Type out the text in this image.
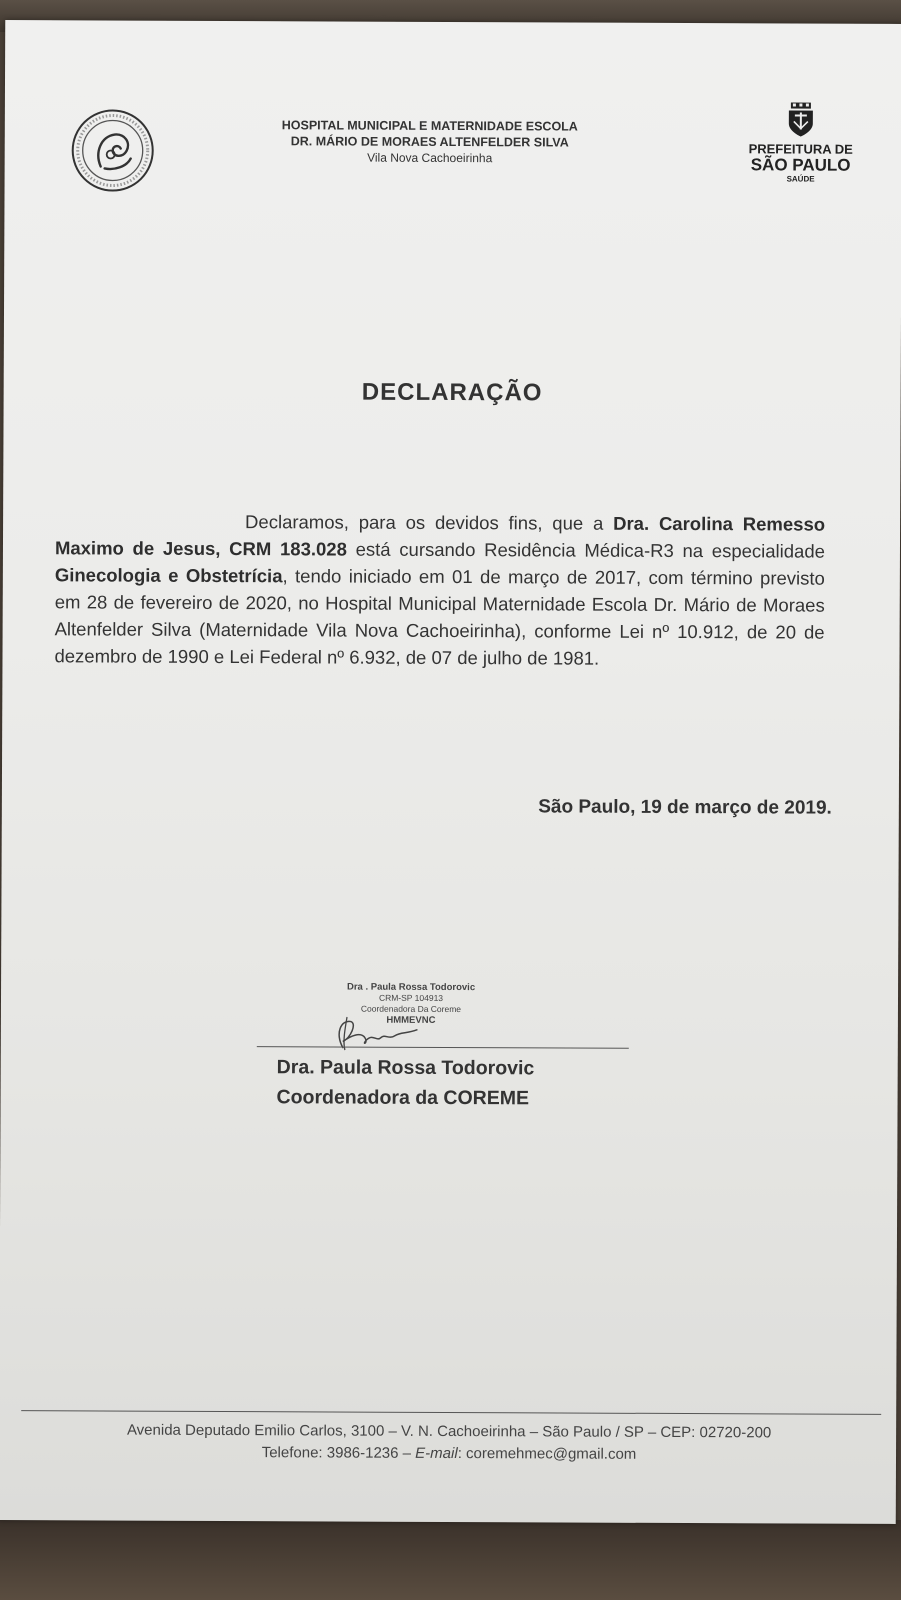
HOSPITAL MUNICIPAL E MATERNIDADE ESCOLA
DR. MÁRIO DE MORAES ALTENFELDER SILVA
Vila Nova Cachoeirinha
PREFEITURA DE
SÃO PAULO
SAÚDE
DECLARAÇÃO
Declaramos, para os devidos fins, que a Dra. Carolina Remesso Maximo de Jesus, CRM 183.028 está cursando Residência Médica-R3 na especialidade Ginecologia e Obstetrícia, tendo iniciado em 01 de março de 2017, com término previsto em 28 de fevereiro de 2020, no Hospital Municipal Maternidade Escola Dr. Mário de Moraes Altenfelder Silva (Maternidade Vila Nova Cachoeirinha), conforme Lei nº 10.912, de 20 de dezembro de 1990 e Lei Federal nº 6.932, de 07 de julho de 1981.
São Paulo, 19 de março de 2019.
Dra . Paula Rossa Todorovic
CRM-SP 104913
Coordenadora Da Coreme
HMMEVNC
Dra. Paula Rossa Todorovic
Coordenadora da COREME
Avenida Deputado Emilio Carlos, 3100 – V. N. Cachoeirinha – São Paulo / SP – CEP: 02720-200
Telefone: 3986-1236 – E-mail: coremehmec@gmail.com
